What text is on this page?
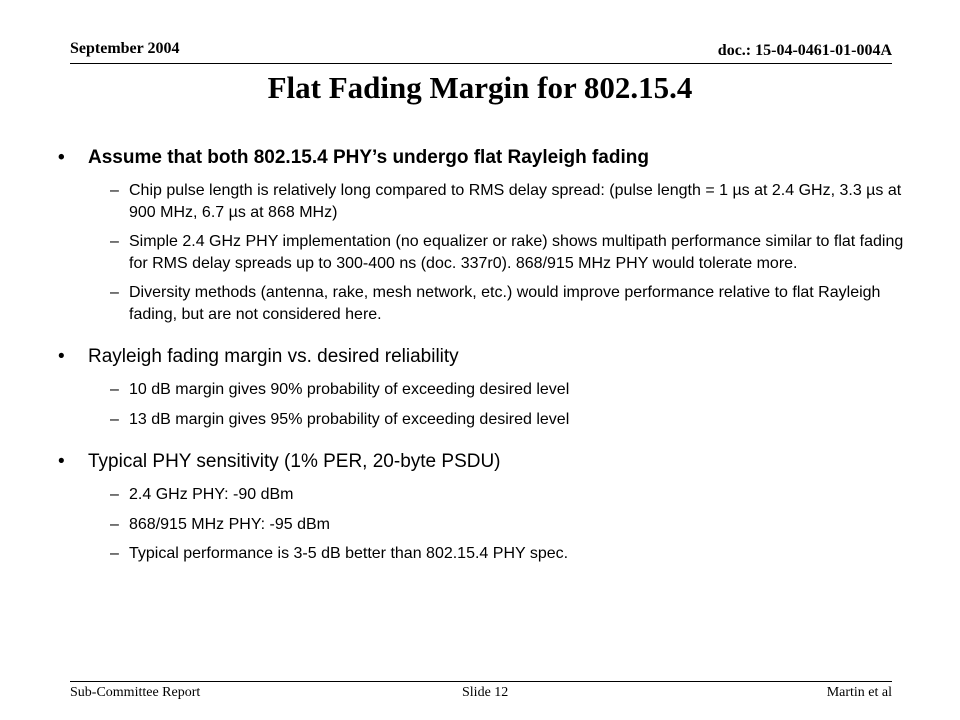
September 2004	doc.: 15-04-0461-01-004A
Flat Fading Margin for 802.15.4
• Assume that both 802.15.4 PHY’s undergo flat Rayleigh fading
– Chip pulse length is relatively long compared to RMS delay spread: (pulse length = 1 µs at 2.4 GHz, 3.3 µs at 900 MHz, 6.7 µs at 868 MHz)
– Simple 2.4 GHz PHY implementation (no equalizer or rake) shows multipath performance similar to flat fading for RMS delay spreads up to 300-400 ns (doc. 337r0). 868/915 MHz PHY would tolerate more.
– Diversity methods (antenna, rake, mesh network, etc.) would improve performance relative to flat Rayleigh fading, but are not considered here.
• Rayleigh fading margin vs. desired reliability
– 10 dB margin gives 90% probability of exceeding desired level
– 13 dB margin gives 95% probability of exceeding desired level
• Typical PHY sensitivity (1% PER, 20-byte PSDU)
– 2.4 GHz PHY: -90 dBm
– 868/915 MHz PHY: -95 dBm
– Typical performance is 3-5 dB better than 802.15.4 PHY spec.
Sub-Committee Report	Slide 12	Martin et al
